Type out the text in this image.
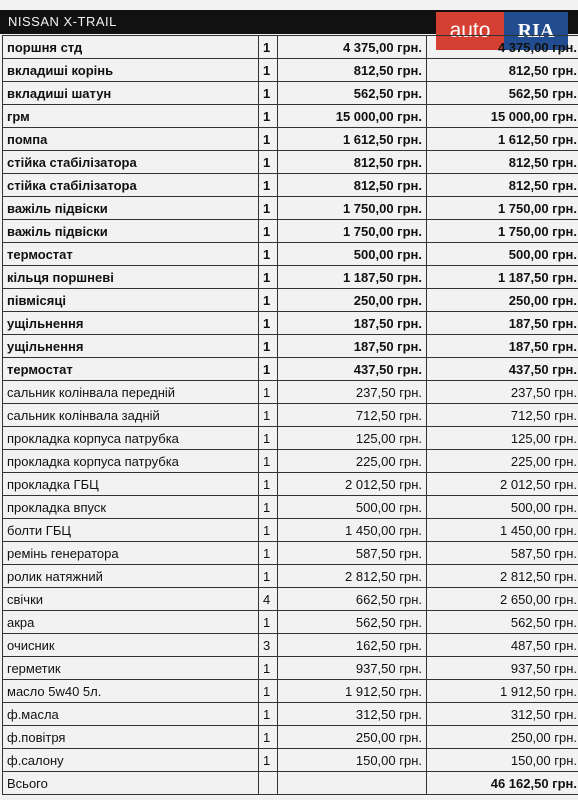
NISSAN X-TRAIL	auto	RIA
поршня стд	1	4 375,00 грн.	4 375,00 грн.
вкладиші корінь	1	812,50 грн.	812,50 грн.
вкладиші шатун	1	562,50 грн.	562,50 грн.
грм	1	15 000,00 грн.	15 000,00 грн.
помпа	1	1 612,50 грн.	1 612,50 грн.
стійка стабілізатора	1	812,50 грн.	812,50 грн.
стійка стабілізатора	1	812,50 грн.	812,50 грн.
важіль підвіски	1	1 750,00 грн.	1 750,00 грн.
важіль підвіски	1	1 750,00 грн.	1 750,00 грн.
термостат	1	500,00 грн.	500,00 грн.
кільця поршневі	1	1 187,50 грн.	1 187,50 грн.
півмісяці	1	250,00 грн.	250,00 грн.
ущільнення	1	187,50 грн.	187,50 грн.
ущільнення	1	187,50 грн.	187,50 грн.
термостат	1	437,50 грн.	437,50 грн.
сальник колінвала передній	1	237,50 грн.	237,50 грн.
сальник колінвала задній	1	712,50 грн.	712,50 грн.
прокладка корпуса патрубка	1	125,00 грн.	125,00 грн.
прокладка корпуса патрубка	1	225,00 грн.	225,00 грн.
прокладка ГБЦ	1	2 012,50 грн.	2 012,50 грн.
прокладка впуск	1	500,00 грн.	500,00 грн.
болти ГБЦ	1	1 450,00 грн.	1 450,00 грн.
ремінь генератора	1	587,50 грн.	587,50 грн.
ролик натяжний	1	2 812,50 грн.	2 812,50 грн.
свічки	4	662,50 грн.	2 650,00 грн.
акра	1	562,50 грн.	562,50 грн.
очисник	3	162,50 грн.	487,50 грн.
герметик	1	937,50 грн.	937,50 грн.
масло 5w40 5л.	1	1 912,50 грн.	1 912,50 грн.
ф.масла	1	312,50 грн.	312,50 грн.
ф.повітря	1	250,00 грн.	250,00 грн.
ф.салону	1	150,00 грн.	150,00 грн.
Всього			46 162,50 грн.
